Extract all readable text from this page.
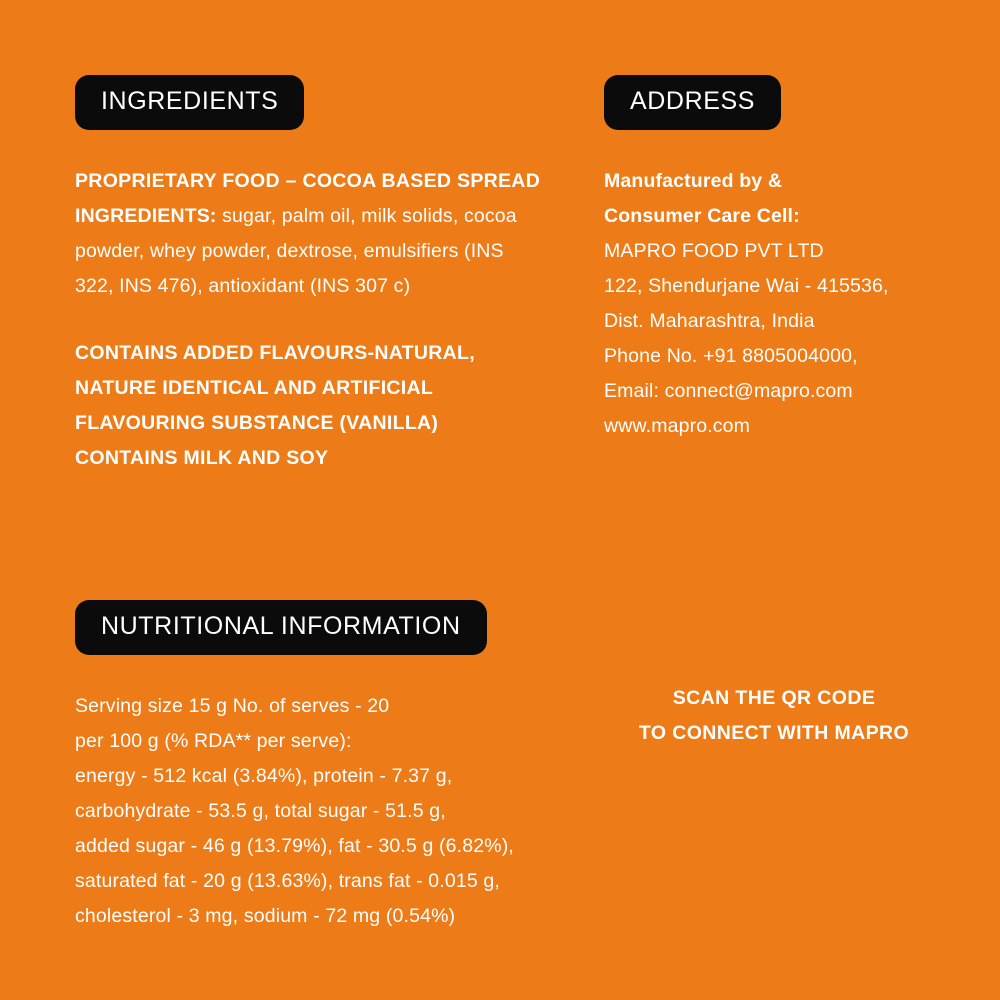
INGREDIENTS
PROPRIETARY FOOD – COCOA BASED SPREAD
INGREDIENTS: sugar, palm oil, milk solids, cocoa powder, whey powder, dextrose, emulsifiers (INS 322, INS 476), antioxidant (INS 307 c)
CONTAINS ADDED FLAVOURS-NATURAL,
NATURE IDENTICAL AND ARTIFICIAL
FLAVOURING SUBSTANCE (VANILLA)
CONTAINS MILK AND SOY
ADDRESS
Manufactured by &
Consumer Care Cell:
MAPRO FOOD PVT LTD
122, Shendurjane Wai - 415536,
Dist. Maharashtra, India
Phone No. +91 8805004000,
Email: connect@mapro.com
www.mapro.com
NUTRITIONAL INFORMATION
Serving size 15 g No. of serves - 20
per 100 g (% RDA** per serve):
energy - 512 kcal (3.84%), protein - 7.37 g,
carbohydrate - 53.5 g, total sugar - 51.5 g,
added sugar - 46 g (13.79%), fat - 30.5 g (6.82%),
saturated fat - 20 g (13.63%), trans fat - 0.015 g,
cholesterol - 3 mg, sodium - 72 mg (0.54%)
SCAN THE QR CODE
TO CONNECT WITH MAPRO
